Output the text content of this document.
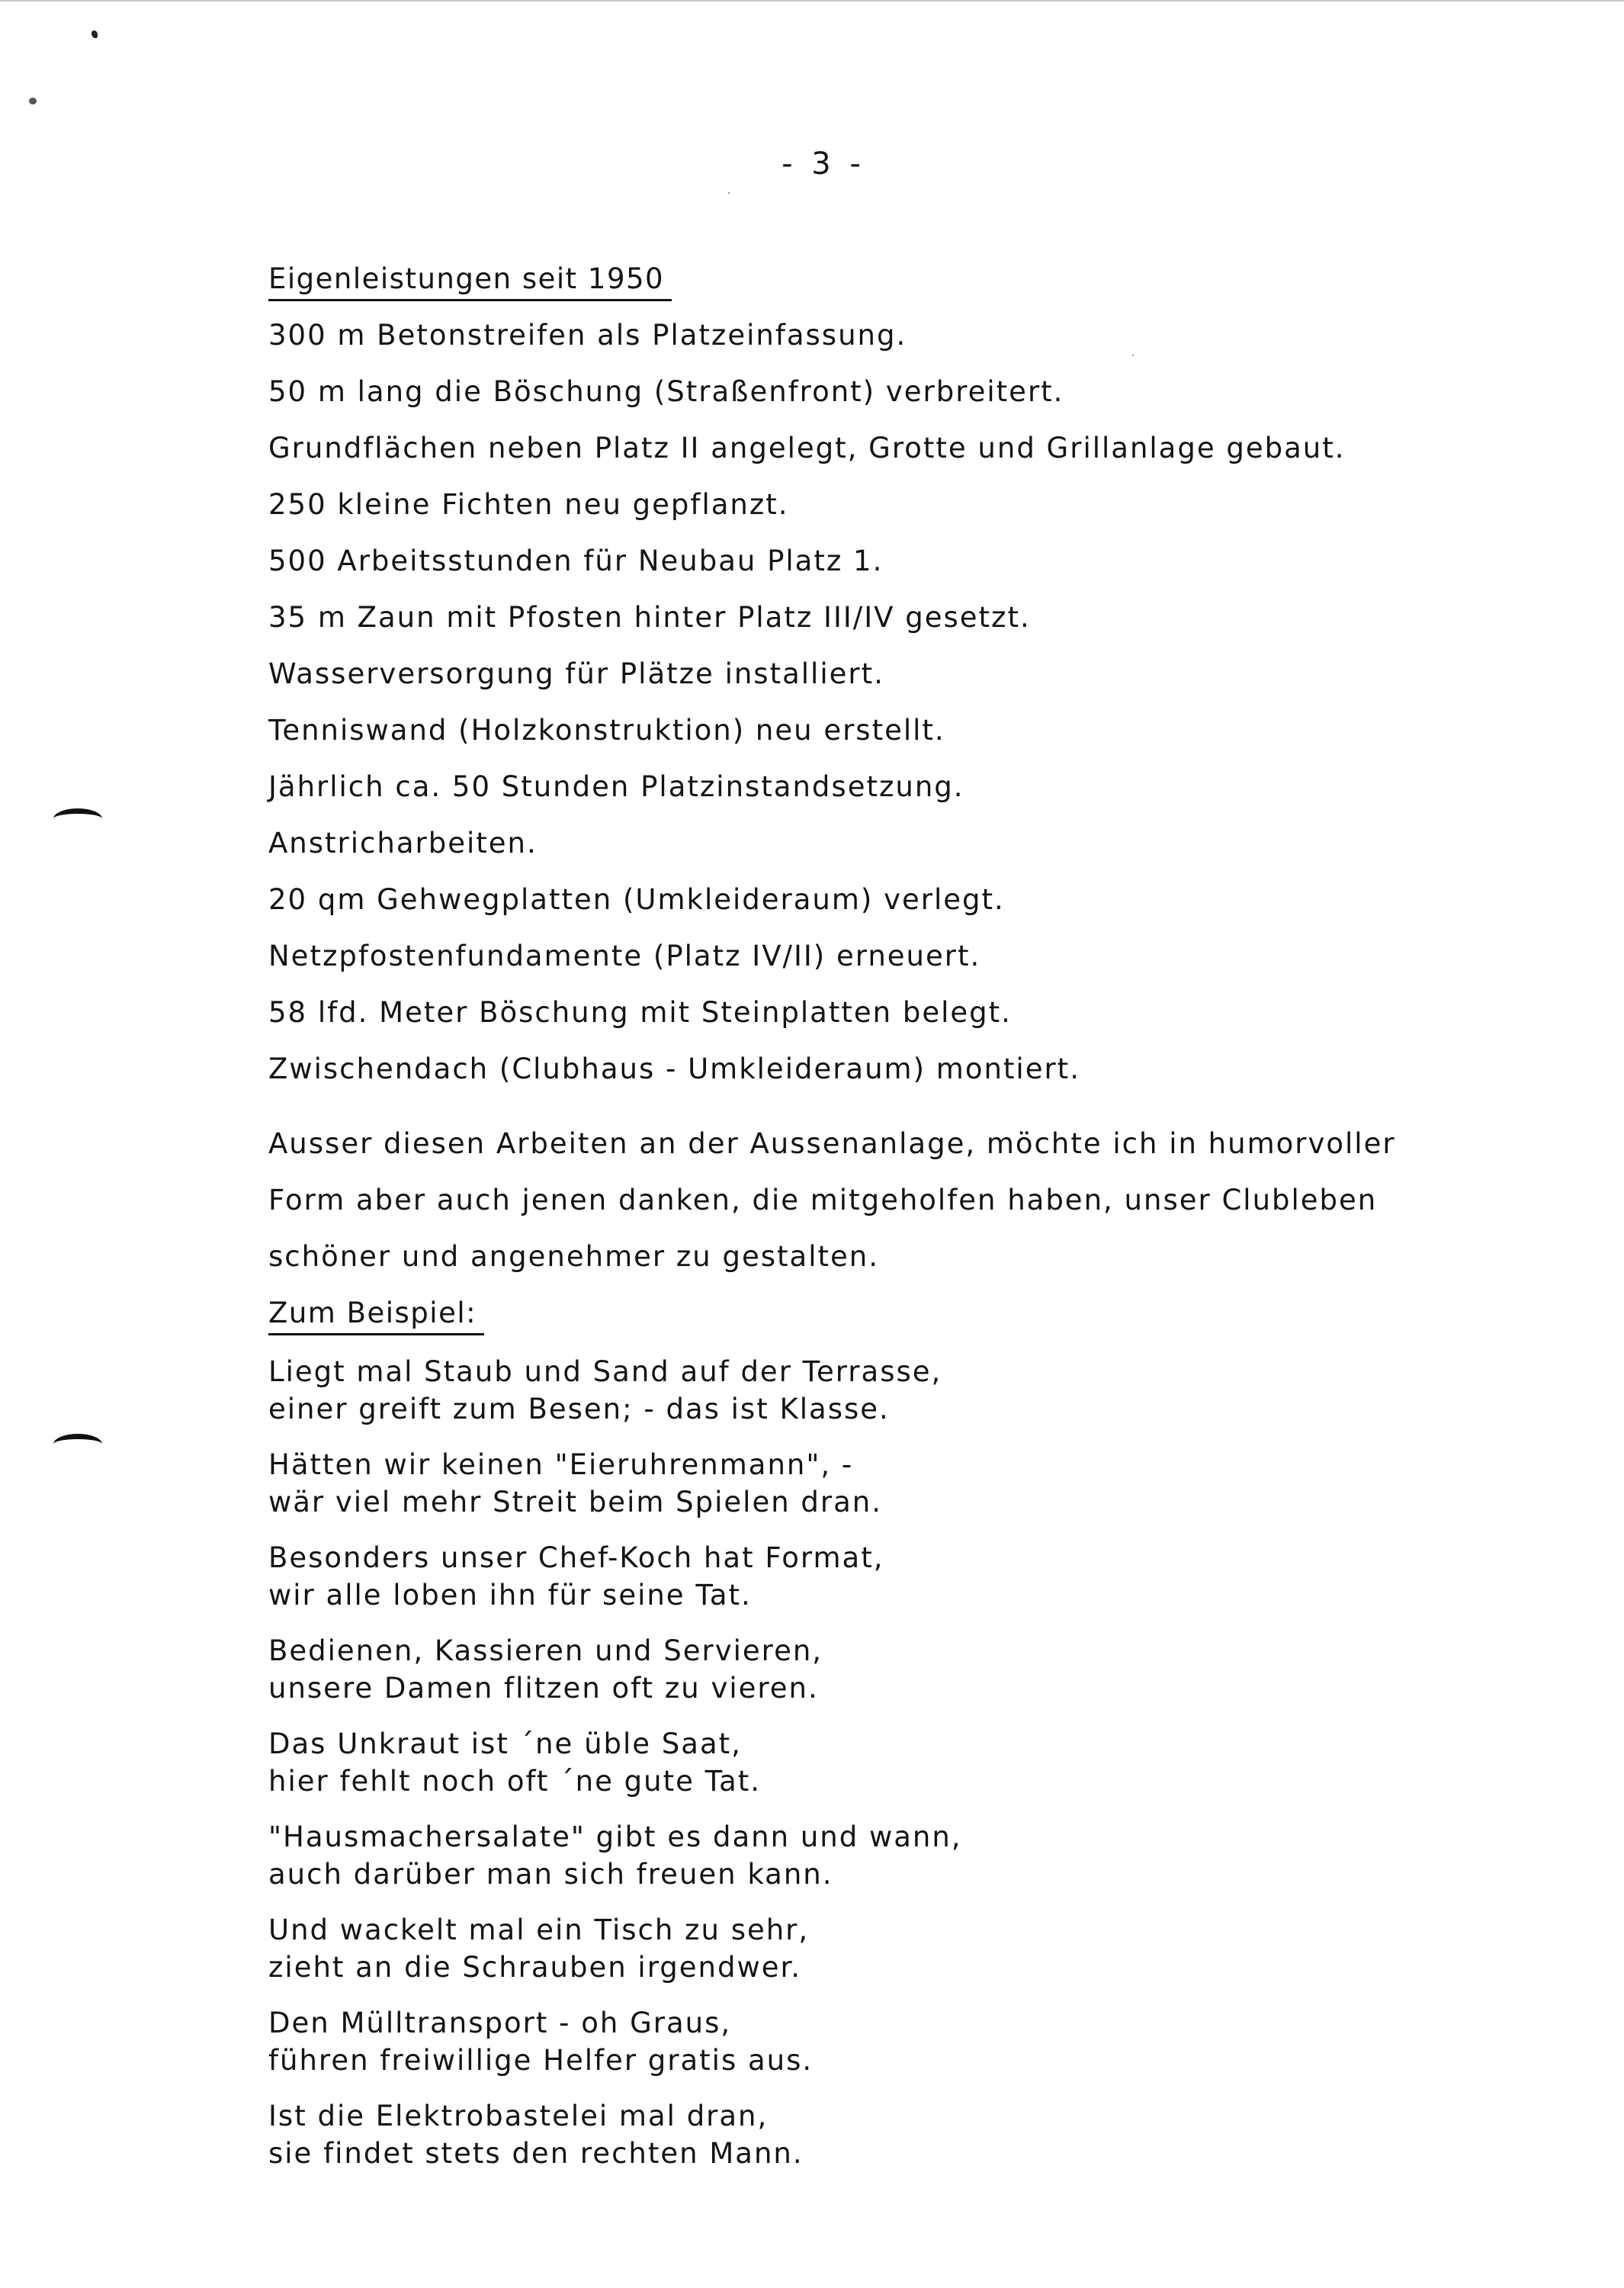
- 3 -
Eigenleistungen seit 1950
300 m Betonstreifen als Platzeinfassung.
50 m lang die Böschung (Straßenfront) verbreitert.
Grundflächen neben Platz II angelegt, Grotte und Grillanlage gebaut.
250 kleine Fichten neu gepflanzt.
500 Arbeitsstunden für Neubau Platz 1.
35 m Zaun mit Pfosten hinter Platz III/IV gesetzt.
Wasserversorgung für Plätze installiert.
Tenniswand (Holzkonstruktion) neu erstellt.
Jährlich ca. 50 Stunden Platzinstandsetzung.
Anstricharbeiten.
20 qm Gehwegplatten (Umkleideraum) verlegt.
Netzpfostenfundamente (Platz IV/II) erneuert.
58 lfd. Meter Böschung mit Steinplatten belegt.
Zwischendach (Clubhaus - Umkleideraum) montiert.
Ausser diesen Arbeiten an der Aussenanlage, möchte ich in humorvoller
Form aber auch jenen danken, die mitgeholfen haben, unser Clubleben
schöner und angenehmer zu gestalten.
Zum Beispiel:
Liegt mal Staub und Sand auf der Terrasse,
einer greift zum Besen; - das ist Klasse.
Hätten wir keinen "Eieruhrenmann", -
wär viel mehr Streit beim Spielen dran.
Besonders unser Chef-Koch hat Format,
wir alle loben ihn für seine Tat.
Bedienen, Kassieren und Servieren,
unsere Damen flitzen oft zu vieren.
Das Unkraut ist ´ne üble Saat,
hier fehlt noch oft ´ne gute Tat.
"Hausmachersalate" gibt es dann und wann,
auch darüber man sich freuen kann.
Und wackelt mal ein Tisch zu sehr,
zieht an die Schrauben irgendwer.
Den Mülltransport - oh Graus,
führen freiwillige Helfer gratis aus.
Ist die Elektrobastelei mal dran,
sie findet stets den rechten Mann.
